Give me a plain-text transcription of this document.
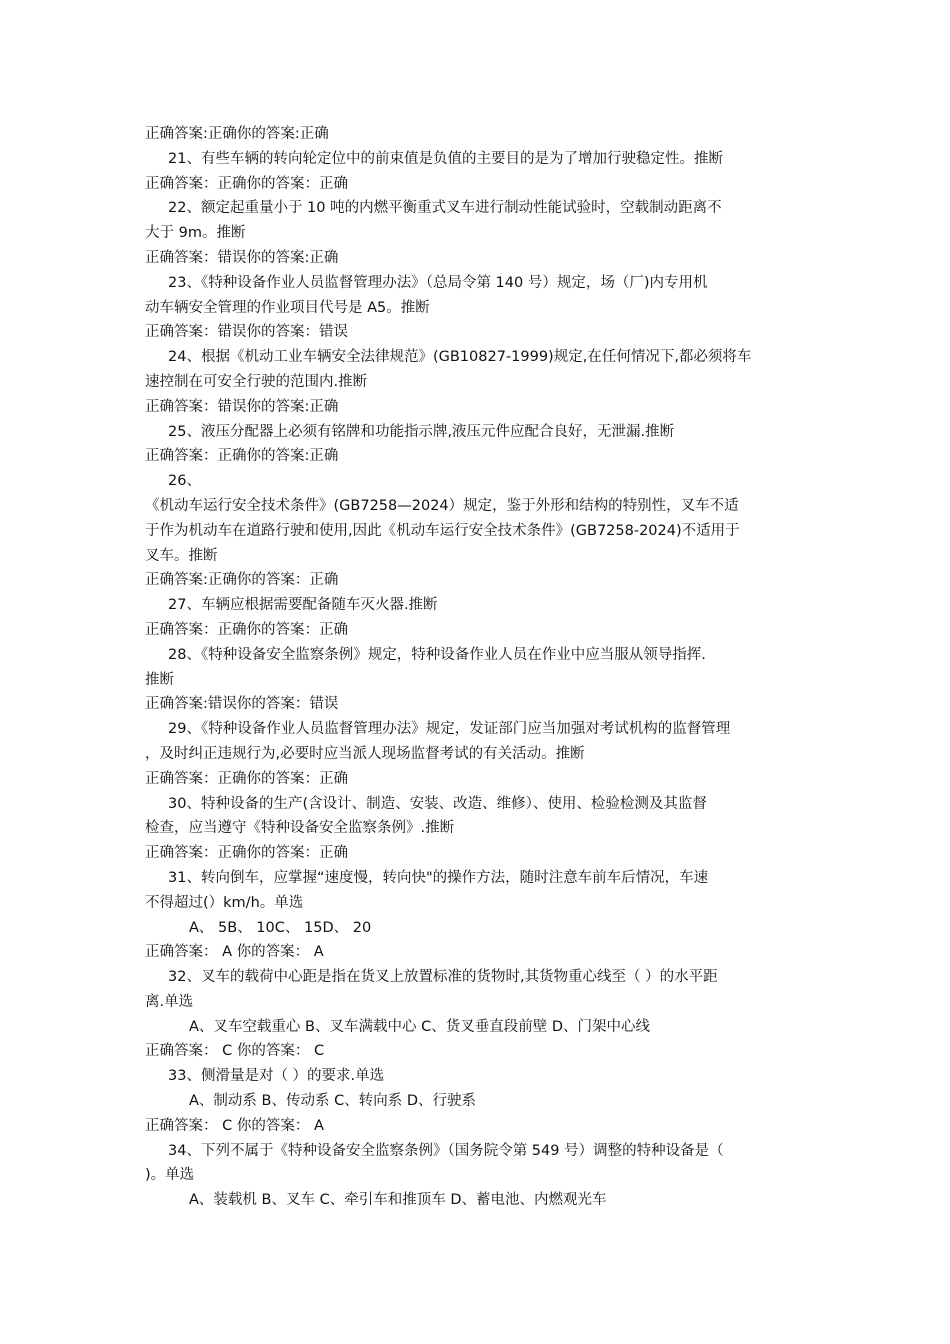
正确答案:正确你的答案:正确
21、有些车辆的转向轮定位中的前束值是负值的主要目的是为了增加行驶稳定性。推断
正确答案：正确你的答案：正确
22、额定起重量小于 10 吨的内燃平衡重式叉车进行制动性能试验时，空载制动距离不
大于 9m。推断
正确答案：错误你的答案:正确
23、《特种设备作业人员监督管理办法》（总局令第 140 号）规定，场（厂)内专用机
动车辆安全管理的作业项目代号是 A5。推断
正确答案：错误你的答案：错误
24、根据《机动工业车辆安全法律规范》(GB10827-1999)规定,在任何情况下,都必须将车
速控制在可安全行驶的范围内.推断
正确答案：错误你的答案:正确
25、液压分配器上必须有铭牌和功能指示牌,液压元件应配合良好，无泄漏.推断
正确答案：正确你的答案:正确
26、
《机动车运行安全技术条件》(GB7258—2024）规定，鉴于外形和结构的特别性，叉车不适
于作为机动车在道路行驶和使用,因此《机动车运行安全技术条件》(GB7258-2024)不适用于
叉车。推断
正确答案:正确你的答案：正确
27、车辆应根据需要配备随车灭火器.推断
正确答案：正确你的答案：正确
28、《特种设备安全监察条例》规定，特种设备作业人员在作业中应当服从领导指挥.
推断
正确答案:错误你的答案：错误
29、《特种设备作业人员监督管理办法》规定，发证部门应当加强对考试机构的监督管理
，及时纠正违规行为,必要时应当派人现场监督考试的有关活动。推断
正确答案：正确你的答案：正确
30、特种设备的生产(含设计、制造、安装、改造、维修）、使用、检验检测及其监督
检查，应当遵守《特种设备安全监察条例》.推断
正确答案：正确你的答案：正确
31、转向倒车，应掌握“速度慢，转向快"的操作方法，随时注意车前车后情况，车速
不得超过(）km/h。单选
A、 5B、 10C、 15D、 20
正确答案： A 你的答案： A
32、叉车的载荷中心距是指在货叉上放置标准的货物时,其货物重心线至（ ）的水平距
离.单选
A、叉车空载重心 B、叉车满载中心 C、货叉垂直段前壁 D、门架中心线
正确答案： C 你的答案： C
33、侧滑量是对（ ）的要求.单选
A、制动系 B、传动系 C、转向系 D、行驶系
正确答案： C 你的答案： A
34、下列不属于《特种设备安全监察条例》（国务院令第 549 号）调整的特种设备是（
)。单选
A、装载机 B、叉车 C、牵引车和推顶车 D、蓄电池、内燃观光车
